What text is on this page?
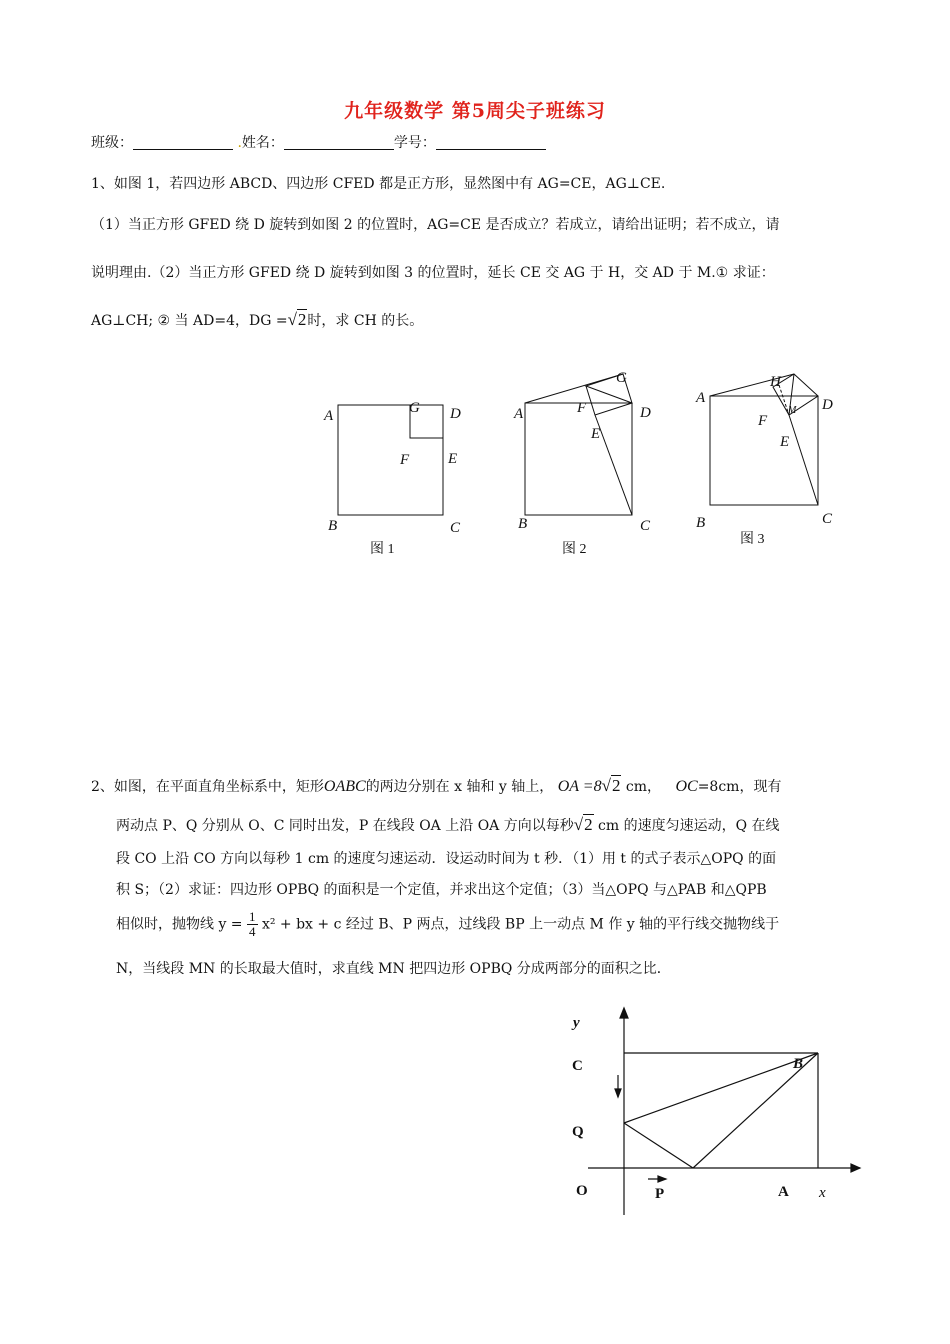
九年级数学 第5周尖子班练习
班级：	.姓名：	学号：
1、如图 1，若四边形 ABCD、四边形 CFED 都是正方形，显然图中有 AG=CE，AG⊥CE.
（1）当正方形 GFED 绕 D 旋转到如图 2 的位置时，AG=CE 是否成立？若成立，请给出证明；若不成立，请
说明理由.（2）当正方形 GFED 绕 D 旋转到如图 3 的位置时，延长 CE 交 AG 于 H，交 AD 于 M.① 求证：
AG⊥CH; ② 当 AD=4，DG =√2时，求 CH 的长。
A	G D
E
F
B	C
图 1
A
G
F	D
E
B	C
图 2
A
H
M D
F
E
B	C
图 3
2、如图，在平面直角坐标系中，矩形OABC的两边分别在 x 轴和 y 轴上， OA =8√2 cm， OC=8cm，现有
两动点 P、Q 分别从 O、C 同时出发，P 在线段 OA 上沿 OA 方向以每秒√2 cm 的速度匀速运动，Q 在线
段 CO 上沿 CO 方向以每秒 1 cm 的速度匀速运动．设运动时间为 t 秒．（1）用 t 的式子表示△OPQ 的面
积 S；（2）求证：四边形 OPBQ 的面积是一个定值，并求出这个定值；（3）当△OPQ 与△PAB 和△QPB
相似时，抛物线 $y = \frac{1}{4} x^2$ + bx + c 经过 B、P 两点，过线段 BP 上一动点 M 作 y 轴的平行线交抛物线于
N，当线段 MN 的长取最大值时，求直线 MN 把四边形 OPBQ 分成两部分的面积之比．
y
C	B
Q
O	P	A x
